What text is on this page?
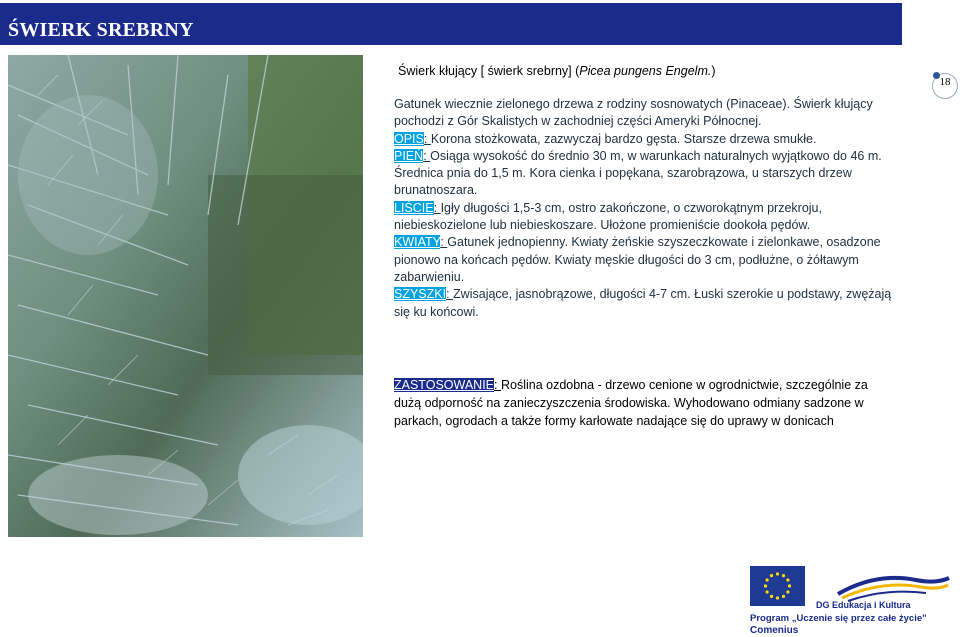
ŚWIERK SREBRNY
Świerk kłujący [ świerk srebrny] (Picea pungens Engelm.)
18
Gatunek wiecznie zielonego drzewa z rodziny sosnowatych (Pinaceae). Świerk kłujący pochodzi z Gór Skalistych w zachodniej części Ameryki Północnej.
OPIS: Korona stożkowata, zazwyczaj bardzo gęsta. Starsze drzewa smukłe.
PIEŃ: Osiąga wysokość do średnio 30 m, w warunkach naturalnych wyjątkowo do 46 m. Średnica pnia do 1,5 m. Kora cienka i popękana, szarobrązowa, u starszych drzew brunatnoszara.
LIŚCIE: Igły długości 1,5-3 cm, ostro zakończone, o czworokątnym przekroju, niebieskozielone lub niebieskoszare. Ułożone promieniście dookoła pędów.
KWIATY: Gatunek jednopienny. Kwiaty żeńskie szyszeczkowate i zielonkawe, osadzone pionowo na końcach pędów. Kwiaty męskie długości do 3 cm, podłużne, o żółtawym zabarwieniu.
SZYSZKI: Zwisające, jasnobrązowe, długości 4-7 cm. Łuski szerokie u podstawy, zwężają się ku końcowi.
ZASTOSOWANIE: Roślina ozdobna - drzewo cenione w ogrodnictwie, szczególnie za dużą odporność na zanieczyszczenia środowiska. Wyhodowano odmiany sadzone w parkach, ogrodach a także formy karłowate nadające się do uprawy w donicach
DG Edukacja i Kultura
Program „Uczenie się przez całe życie"
Comenius
